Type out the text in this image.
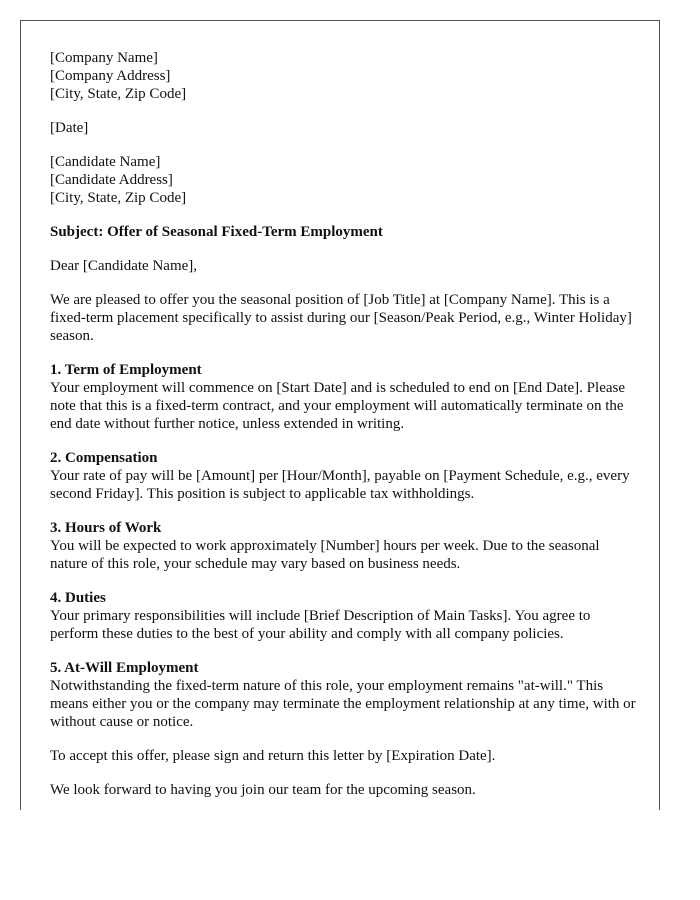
[Company Name]
[Company Address]
[City, State, Zip Code]
[Date]
[Candidate Name]
[Candidate Address]
[City, State, Zip Code]

Subject: Offer of Seasonal Fixed-Term Employment

Dear [Candidate Name],

We are pleased to offer you the seasonal position of [Job Title] at [Company Name]. This is a fixed-term placement specifically to assist during our [Season/Peak Period, e.g., Winter Holiday] season.

1. Term of Employment
Your employment will commence on [Start Date] and is scheduled to end on [End Date]. Please note that this is a fixed-term contract, and your employment will automatically terminate on the end date without further notice, unless extended in writing.
2. Compensation
Your rate of pay will be [Amount] per [Hour/Month], payable on [Payment Schedule, e.g., every second Friday]. This position is subject to applicable tax withholdings.
3. Hours of Work
You will be expected to work approximately [Number] hours per week. Due to the seasonal nature of this role, your schedule may vary based on business needs.
4. Duties
Your primary responsibilities will include [Brief Description of Main Tasks]. You agree to perform these duties to the best of your ability and comply with all company policies.
5. At-Will Employment
Notwithstanding the fixed-term nature of this role, your employment remains "at-will." This means either you or the company may terminate the employment relationship at any time, with or without cause or notice.

To accept this offer, please sign and return this letter by [Expiration Date].

We look forward to having you join our team for the upcoming season.
